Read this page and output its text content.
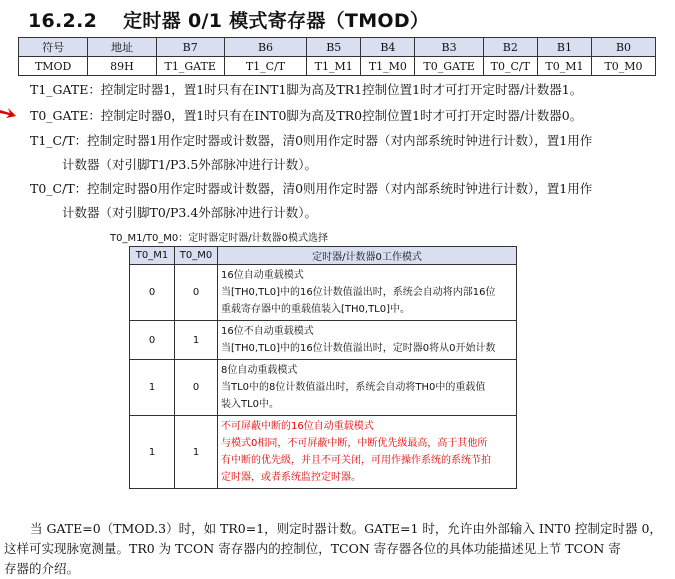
16.2.2 定时器 0/1 模式寄存器（TMOD）
符号	地址	B7	B6	B5	B4	B3	B2	B1	B0
TMOD	89H	T1_GATE	T1_C/T	T1_M1	T1_M0	T0_GATE	T0_C/T	T0_M1	T0_M0
T1_GATE：控制定时器1，置1时只有在INT1脚为高及TR1控制位置1时才可打开定时器/计数器1。
T0_GATE：控制定时器0，置1时只有在INT0脚为高及TR0控制位置1时才可打开定时器/计数器0。
T1_C/T：控制定时器1用作定时器或计数器，清0则用作定时器（对内部系统时钟进行计数），置1用作
计数器（对引脚T1/P3.5外部脉冲进行计数）。
T0_C/T：控制定时器0用作定时器或计数器，清0则用作定时器（对内部系统时钟进行计数），置1用作
计数器（对引脚T0/P3.4外部脉冲进行计数）。
T0_M1/T0_M0：定时器定时器/计数器0模式选择
T0_M1	T0_M0	定时器/计数器0工作模式
0	0	16位自动重载模式
当[TH0,TL0]中的16位计数值溢出时，系统会自动将内部16位
重载寄存器中的重载值装入[TH0,TL0]中。

0	1	16位不自动重载模式
当[TH0,TL0]中的16位计数值溢出时，定时器0将从0开始计数

1	0	8位自动重载模式
当TL0中的8位计数值溢出时，系统会自动将TH0中的重载值
装入TL0中。

1	1	不可屏蔽中断的16位自动重载模式
与模式0相同，不可屏蔽中断，中断优先级最高，高于其他所
有中断的优先级，并且不可关闭，可用作操作系统的系统节拍
定时器，或者系统监控定时器。
当 GATE=0（TMOD.3）时，如 TR0=1，则定时器计数。GATE=1 时，允许由外部输入 INT0 控制定时器 0，
这样可实现脉宽测量。TR0 为 TCON 寄存器内的控制位，TCON 寄存器各位的具体功能描述见上节 TCON 寄
存器的介绍。
